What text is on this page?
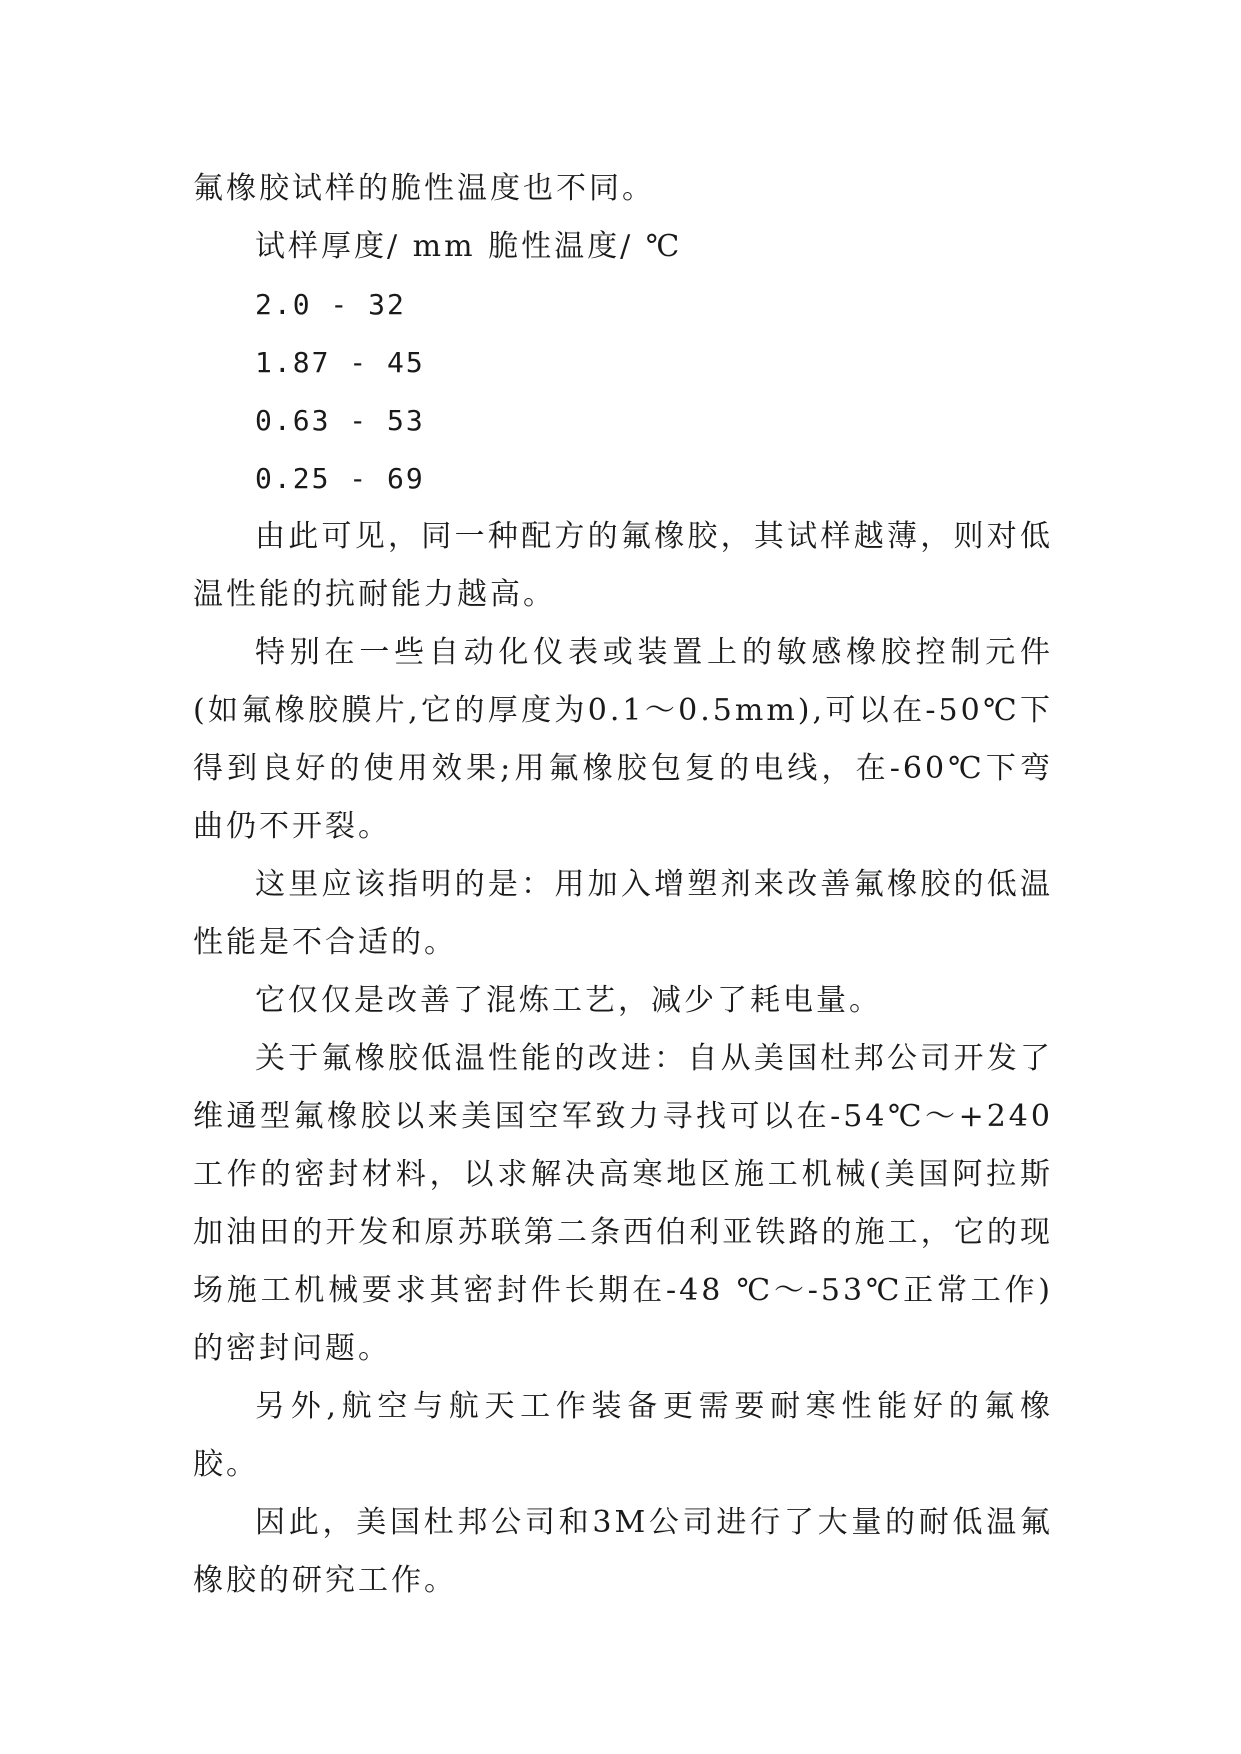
氟橡胶试样的脆性温度也不同。

试样厚度/ mm 脆性温度/ ℃

2.0 - 32

1.87 - 45

0.63 - 53

0.25 - 69

由此可见，同一种配方的氟橡胶，其试样越薄，则对低温性能的抗耐能力越高。

特别在一些自动化仪表或装置上的敏感橡胶控制元件(如氟橡胶膜片,它的厚度为0.1～0.5mm),可以在-50℃下得到良好的使用效果;用氟橡胶包复的电线，在-60℃下弯曲仍不开裂。

这里应该指明的是：用加入增塑剂来改善氟橡胶的低温性能是不合适的。

它仅仅是改善了混炼工艺，减少了耗电量。

关于氟橡胶低温性能的改进：自从美国杜邦公司开发了维通型氟橡胶以来美国空军致力寻找可以在-54℃～+240 工作的密封材料，以求解决高寒地区施工机械(美国阿拉斯加油田的开发和原苏联第二条西伯利亚铁路的施工，它的现场施工机械要求其密封件长期在-48 ℃～-53℃正常工作)的密封问题。

另外,航空与航天工作装备更需要耐寒性能好的氟橡胶。

因此，美国杜邦公司和3M公司进行了大量的耐低温氟橡胶的研究工作。
